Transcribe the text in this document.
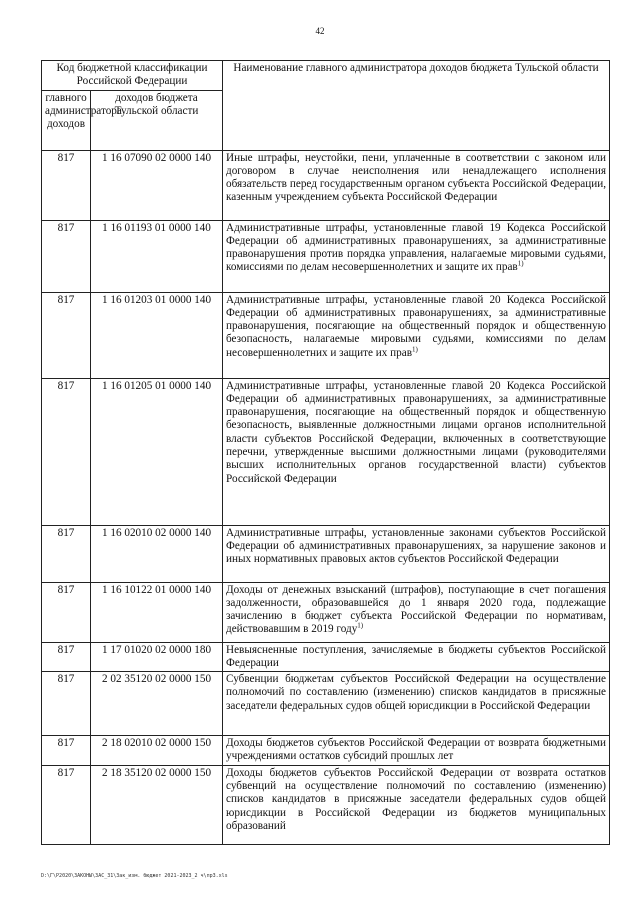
42
Код бюджетной классификации Российской Федерации		Наименование главного администратора доходов бюджета Тульской области
главного администратора доходов	доходов бюджета Тульской области	
817	1 16 07090 02 0000 140	Иные штрафы, неустойки, пени, уплаченные в соответствии с законом или договором в случае неисполнения или ненадлежащего исполнения обязательств перед государственным органом субъекта Российской Федерации, казенным учреждением субъекта Российской Федерации
817	1 16 01193 01 0000 140	Административные штрафы, установленные главой 19 Кодекса Российской Федерации об административных правонарушениях, за административные правонарушения против порядка управления, налагаемые мировыми судьями, комиссиями по делам несовершеннолетних и защите их прав$^{1)}$
817	1 16 01203 01 0000 140	Административные штрафы, установленные главой 20 Кодекса Российской Федерации об административных правонарушениях, за административные правонарушения, посягающие на общественный порядок и общественную безопасность, налагаемые мировыми судьями, комиссиями по делам несовершеннолетних и защите их прав$^{1)}$
817	1 16 01205 01 0000 140	Административные штрафы, установленные главой 20 Кодекса Российской Федерации об административных правонарушениях, за административные правонарушения, посягающие на общественный порядок и общественную безопасность, выявленные должностными лицами органов исполнительной власти субъектов Российской Федерации, включенных в соответствующие перечни, утвержденные высшими должностными лицами (руководителями высших исполнительных органов государственной власти) субъектов Российской Федерации
817	1 16 02010 02 0000 140	Административные штрафы, установленные законами субъектов Российской Федерации об административных правонарушениях, за нарушение законов и иных нормативных правовых актов субъектов Российской Федерации
817	1 16 10122 01 0000 140	Доходы от денежных взысканий (штрафов), поступающие в счет погашения задолженности, образовавшейся до 1 января 2020 года, подлежащие зачислению в бюджет субъекта Российской Федерации по нормативам, действовавшим в 2019 году$^{1)}$
817	1 17 01020 02 0000 180	Невыясненные поступления, зачисляемые в бюджеты субъектов Российской Федерации
817	2 02 35120 02 0000 150	Субвенции бюджетам субъектов Российской Федерации на осуществление полномочий по составлению (изменению) списков кандидатов в присяжные заседатели федеральных судов общей юрисдикции в Российской Федерации
817	2 18 02010 02 0000 150	Доходы бюджетов субъектов Российской Федерации от возврата бюджетными учреждениями остатков субсидий прошлых лет
817	2 18 35120 02 0000 150	Доходы бюджетов субъектов Российской Федерации от возврата остатков субвенций на осуществление полномочий по составлению (изменению) списков кандидатов в присяжные заседатели федеральных судов общей юрисдикции в Российской Федерации из бюджетов муниципальных образований
D:\Г\Р2020\ЗАКОНЫ\ЗАС_31\Зак_изм. бюджет 2021-2023_2 ч\пр3.xls
